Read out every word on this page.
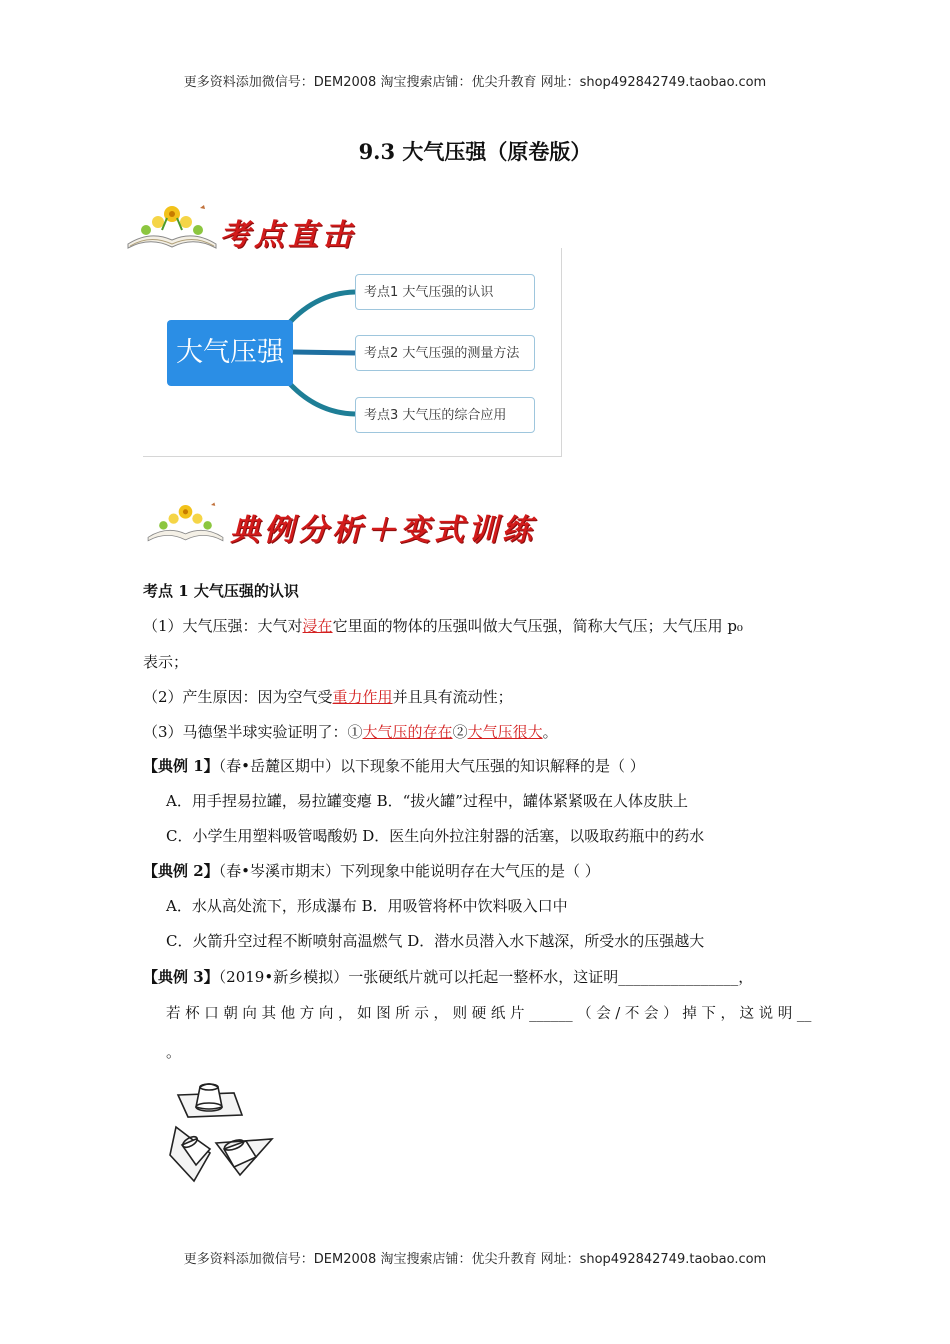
更多资料添加微信号：DEM2008 淘宝搜索店铺：优尖升教育 网址：shop492842749.taobao.com
9.3 大气压强（原卷版）
考点直击
大气压强
考点1 大气压强的认识
考点2 大气压强的测量方法
考点3 大气压的综合应用
典例分析＋变式训练
考点 1 大气压强的认识
（1）大气压强：大气对浸在它里面的物体的压强叫做大气压强，简称大气压；大气压用 p₀
表示；
（2）产生原因：因为空气受重力作用并且具有流动性；
（3）马德堡半球实验证明了：①大气压的存在②大气压很大。
【典例 1】（春•岳麓区期中）以下现象不能用大气压强的知识解释的是（ ）
A．用手捏易拉罐，易拉罐变瘪 B．“拔火罐”过程中，罐体紧紧吸在人体皮肤上
C．小学生用塑料吸管喝酸奶 D．医生向外拉注射器的活塞，以吸取药瓶中的药水
【典例 2】（春•岑溪市期末）下列现象中能说明存在大气压的是（ ）
A．水从高处流下，形成瀑布 B．用吸管将杯中饮料吸入口中
C．火箭升空过程不断喷射高温燃气 D．潜水员潜入水下越深，所受水的压强越大
【典例 3】（2019•新乡模拟）一张硬纸片就可以托起一整杯水，这证明________________，
若 杯 口 朝 向 其 他 方 向 ， 如 图 所 示 ， 则 硬 纸 片 ______ （ 会 / 不 会 ） 掉 下 ， 这 说 明 __
。
更多资料添加微信号：DEM2008 淘宝搜索店铺：优尖升教育 网址：shop492842749.taobao.com
